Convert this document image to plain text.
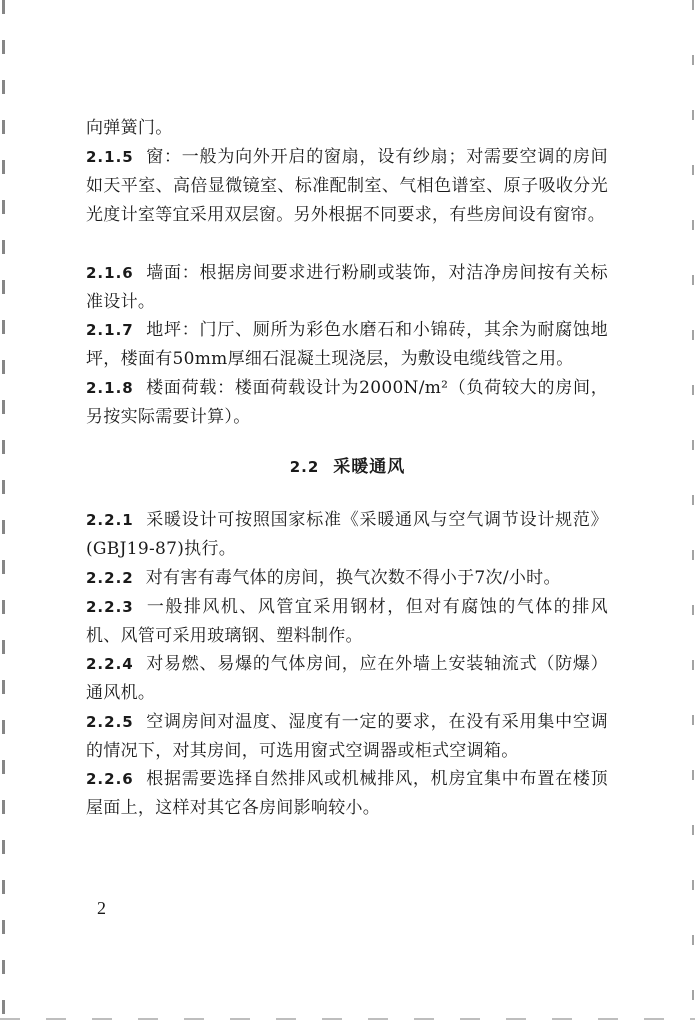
向弹簧门。

2.1.5 窗：一般为向外开启的窗扇，设有纱扇；对需要空调的房间如天平室、高倍显微镜室、标准配制室、气相色谱室、原子吸收分光光度计室等宜采用双层窗。另外根据不同要求，有些房间设有窗帘。

2.1.6 墙面：根据房间要求进行粉刷或装饰，对洁净房间按有关标准设计。

2.1.7 地坪：门厅、厕所为彩色水磨石和小锦砖，其余为耐腐蚀地坪，楼面有50mm厚细石混凝土现浇层，为敷设电缆线管之用。

2.1.8 楼面荷载：楼面荷载设计为2000N/m²（负荷较大的房间，另按实际需要计算）。

2.2 采暖通风

2.2.1 采暖设计可按照国家标准《采暖通风与空气调节设计规范》(GBJ19-87)执行。

2.2.2 对有害有毒气体的房间，换气次数不得小于7次/小时。

2.2.3 一般排风机、风管宜采用钢材，但对有腐蚀的气体的排风机、风管可采用玻璃钢、塑料制作。

2.2.4 对易燃、易爆的气体房间，应在外墙上安装轴流式（防爆）通风机。

2.2.5 空调房间对温度、湿度有一定的要求，在没有采用集中空调的情况下，对其房间，可选用窗式空调器或柜式空调箱。

2.2.6 根据需要选择自然排风或机械排风，机房宜集中布置在楼顶屋面上，这样对其它各房间影响较小。

2
